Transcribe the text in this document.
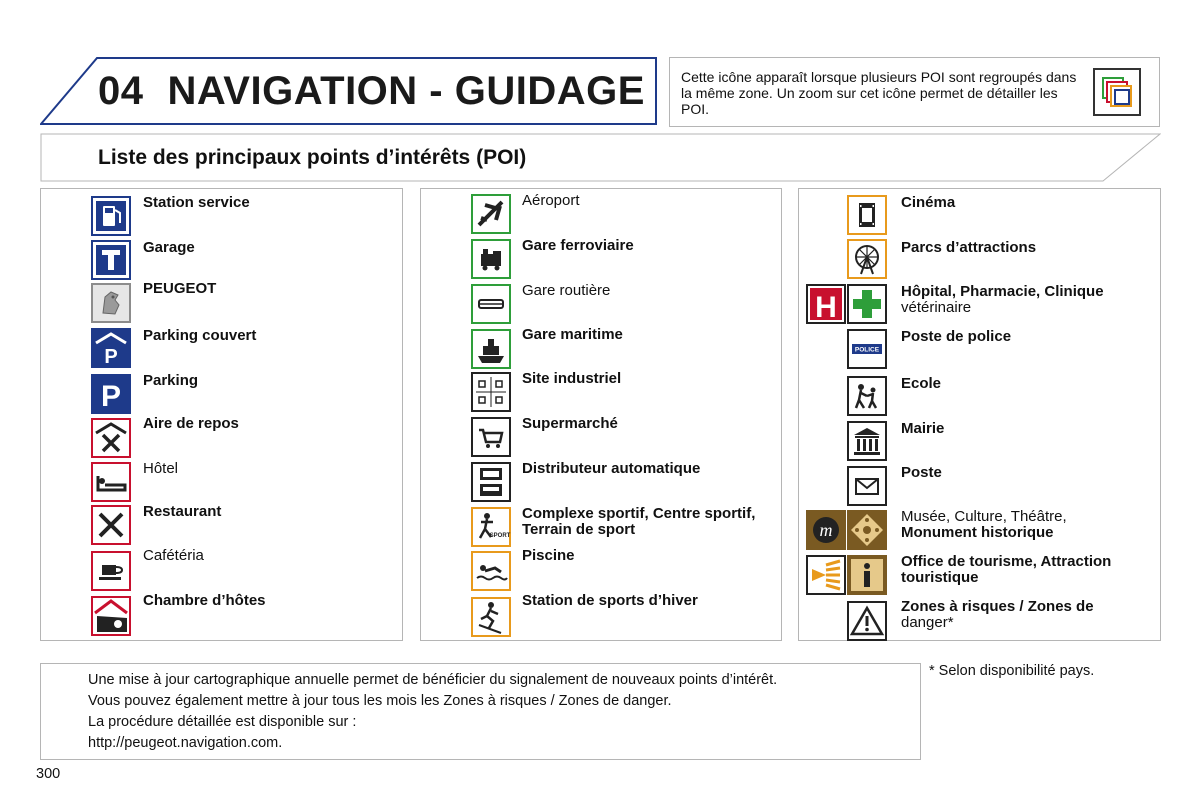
04 NAVIGATION - GUIDAGE	Cette icône apparaît lorsque plusieurs POI sont regroupés dans la même zone. Un zoom sur cet icône permet de détailler les POI.
Liste des principaux points d’intérêts (POI)
Station service
Garage
PEUGEOT
P
Parking couvert
P Parking
Aire de repos
Hôtel
Restaurant
Cafétéria
Chambre d’hôtes
Aéroport
Gare ferroviaire
Gare routière
Gare maritime
Site industriel
Supermarché
Distributeur automatique
SPORT
Complexe sportif, Centre sportif,
Terrain de sport
Piscine
Station de sports d’hiver
Cinéma
Parcs d’attractions
H	Hôpital, Pharmacie, Clinique
vétérinaire
POLICE
Poste de police
Ecole
Mairie
Poste
m
Musée, Culture, Théâtre,
Monument historique
Office de tourisme, Attraction
touristique
Zones à risques / Zones de
danger*
Une mise à jour cartographique annuelle permet de bénéficier du signalement de nouveaux points d’intérêt.
Vous pouvez également mettre à jour tous les mois les Zones à risques / Zones de danger.
La procédure détaillée est disponible sur :
http://peugeot.navigation.com.
* Selon disponibilité pays.
300
